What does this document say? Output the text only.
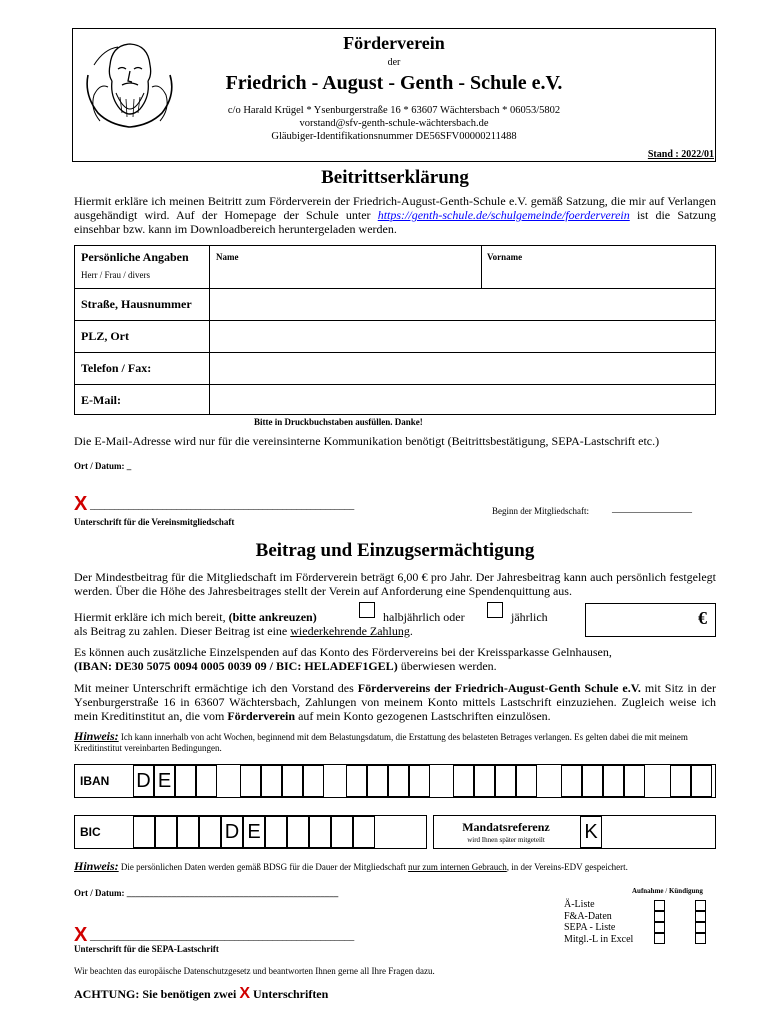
Förderverein
der
Friedrich - August - Genth - Schule e.V.
c/o Harald Krügel * Ysenburgerstraße 16 * 63607 Wächtersbach * 06053/5802
vorstand@sfv-genth-schule-wächtersbach.de
Gläubiger-Identifikationsnummer DE56SFV00000211488
Stand : 2022/01
Beitrittserklärung
Hiermit erkläre ich meinen Beitritt zum Förderverein der Friedrich-August-Genth-Schule e.V. gemäß Satzung, die mir auf Verlangen ausgehändigt wird. Auf der Homepage der Schule unter https://genth-schule.de/schulgemeinde/foerderverein ist die Satzung einsehbar bzw. kann im Downloadbereich heruntergeladen werden.
Persönliche Angaben
Herr / Frau / divers
Name	Vorname
Straße, Hausnummer
PLZ, Ort
Telefon / Fax:
E-Mail:
Bitte in Druckbuchstaben ausfüllen. Danke!
Die E-Mail-Adresse wird nur für die vereinsinterne Kommunikation benötigt (Beitrittsbestätigung, SEPA-Lastschrift etc.)
Ort / Datum: _
X _______________________________________________________
Unterschrift für die Vereinsmitgliedschaft
Beginn der Mitgliedschaft: ________________
Beitrag und Einzugsermächtigung
Der Mindestbeitrag für die Mitgliedschaft im Förderverein beträgt 6,00 € pro Jahr. Der Jahresbeitrag kann auch persönlich festgelegt werden. Über die Höhe des Jahresbeitrages stellt der Verein auf Anforderung eine Spendenquittung aus.
Hiermit erkläre ich mich bereit, (bitte ankreuzen)	halbjährlich oder	jährlich
als Beitrag zu zahlen. Dieser Beitrag ist eine wiederkehrende Zahlung.
€
Es können auch zusätzliche Einzelspenden auf das Konto des Fördervereins bei der Kreissparkasse Gelnhausen,
(IBAN: DE30 5075 0094 0005 0039 09 / BIC: HELADEF1GEL) überwiesen werden.
Mit meiner Unterschrift ermächtige ich den Vorstand des Fördervereins der Friedrich-August-Genth Schule e.V. mit Sitz in der Ysenburgerstraße 16 in 63607 Wächtersbach, Zahlungen von meinem Konto mittels Lastschrift einzuziehen. Zugleich weise ich mein Kreditinstitut an, die vom Förderverein auf mein Konto gezogenen Lastschriften einzulösen.
Hinweis: Ich kann innerhalb von acht Wochen, beginnend mit dem Belastungsdatum, die Erstattung des belasteten Betrages verlangen. Es gelten dabei die mit meinem Kreditinstitut vereinbarten Bedingungen.
IBAN D E
BIC	D E	Mandatsreferenz
wird Ihnen später mitgeteilt	K
Hinweis: Die persönlichen Daten werden gemäß BDSG für die Dauer der Mitgliedschaft nur zum internen Gebrauch, in der Vereins-EDV gespeichert.
Ort / Datum: _______________________________________________	Aufnahme / Kündigung
Ä-Liste
F&A-Daten
SEPA - Liste
Mitgl.-L in Excel
X _______________________________________________________
Unterschrift für die SEPA-Lastschrift
Wir beachten das europäische Datenschutzgesetz und beantworten Ihnen gerne all Ihre Fragen dazu.
ACHTUNG: Sie benötigen zwei X Unterschriften
